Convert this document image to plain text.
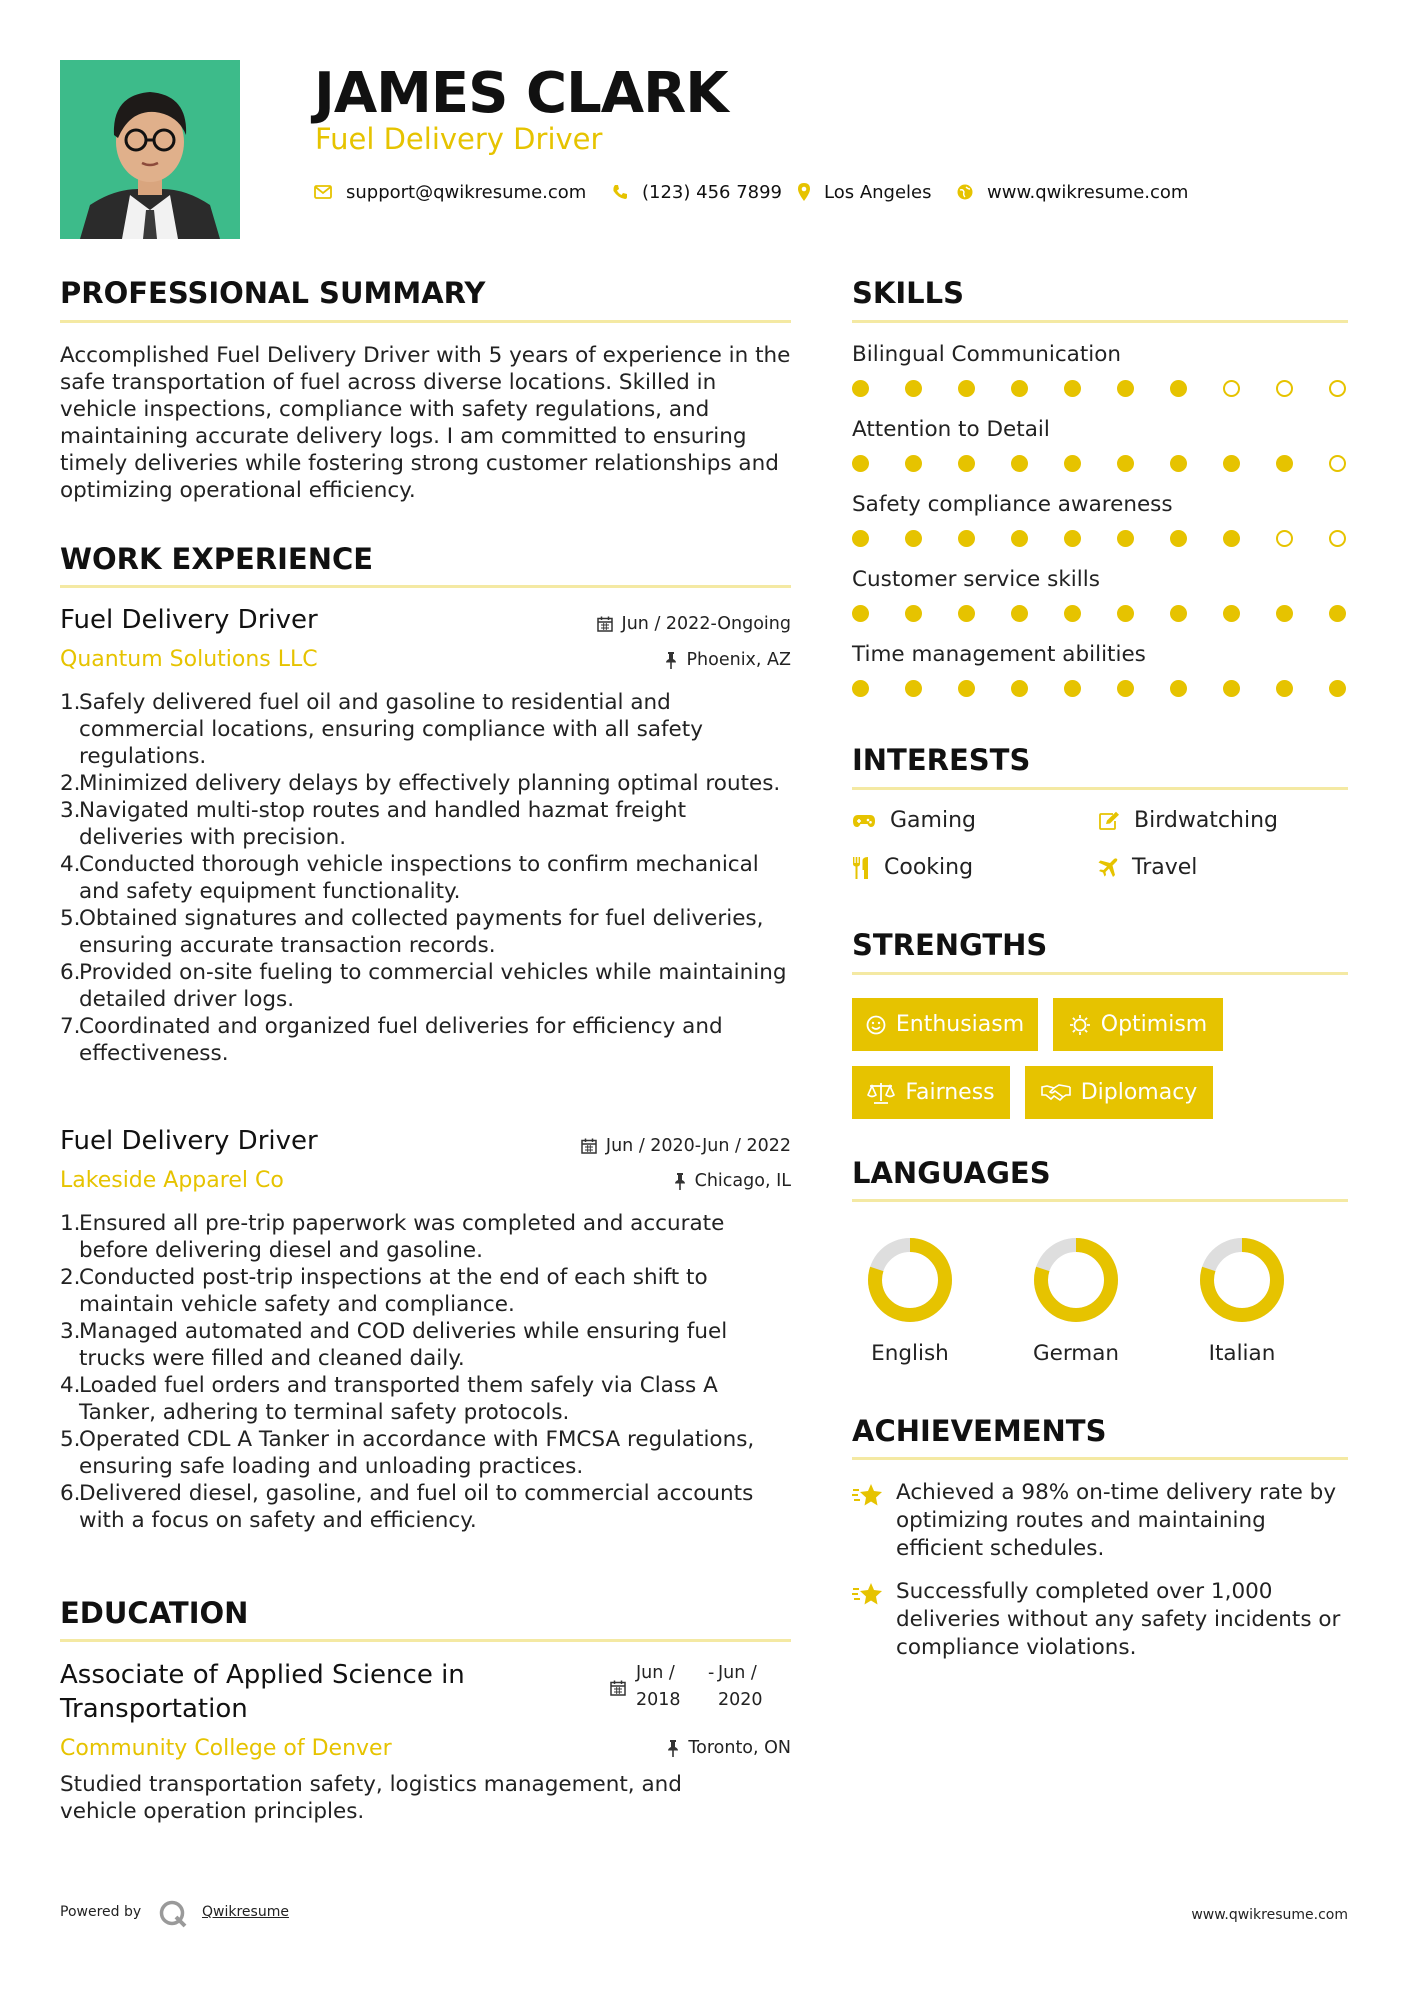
JAMES CLARK
Fuel Delivery Driver
support@qwikresume.com	(123) 456 7899 Los Angeles	www.qwikresume.com
PROFESSIONAL SUMMARY
Accomplished Fuel Delivery Driver with 5 years of experience in the safe transportation of fuel across diverse locations. Skilled in vehicle inspections, compliance with safety regulations, and maintaining accurate delivery logs. I am committed to ensuring timely deliveries while fostering strong customer relationships and optimizing operational efficiency.
WORK EXPERIENCE
Fuel Delivery Driver	Jun / 2022-Ongoing
Quantum Solutions LLC	Phoenix, AZ
1.
Safely delivered fuel oil and gasoline to residential and commercial locations, ensuring compliance with all safety regulations.
2.
Minimized delivery delays by effectively planning optimal routes.
3.
Navigated multi-stop routes and handled hazmat freight deliveries with precision.
4.
Conducted thorough vehicle inspections to confirm mechanical and safety equipment functionality.
5.
Obtained signatures and collected payments for fuel deliveries, ensuring accurate transaction records.
6.
Provided on-site fueling to commercial vehicles while maintaining detailed driver logs.
7.
Coordinated and organized fuel deliveries for efficiency and effectiveness.
Fuel Delivery Driver	Jun / 2020-Jun / 2022
Lakeside Apparel Co	Chicago, IL
1.
Ensured all pre-trip paperwork was completed and accurate before delivering diesel and gasoline.
2.
Conducted post-trip inspections at the end of each shift to maintain vehicle safety and compliance.
3.
Managed automated and COD deliveries while ensuring fuel trucks were filled and cleaned daily.
4.
Loaded fuel orders and transported them safely via Class A Tanker, adhering to terminal safety protocols.
5.
Operated CDL A Tanker in accordance with FMCSA regulations, ensuring safe loading and unloading practices.
6.
Delivered diesel, gasoline, and fuel oil to commercial accounts with a focus on safety and efficiency.
EDUCATION
Associate of Applied Science in
Transportation
Jun /
2018
- Jun /
2020
Community College of Denver	Toronto, ON
Studied transportation safety, logistics management, and vehicle operation principles.
SKILLS
Bilingual Communication
Attention to Detail
Safety compliance awareness
Customer service skills
Time management abilities
INTERESTS
Gaming	Birdwatching
Cooking	Travel
STRENGTHS
Enthusiasm	Optimism
Fairness	Diplomacy
LANGUAGES
English	German	Italian
ACHIEVEMENTS
Achieved a 98% on-time delivery rate by optimizing routes and maintaining efficient schedules.
Successfully completed over 1,000 deliveries without any safety incidents or compliance violations.
Powered by	Qwikresume	www.qwikresume.com
